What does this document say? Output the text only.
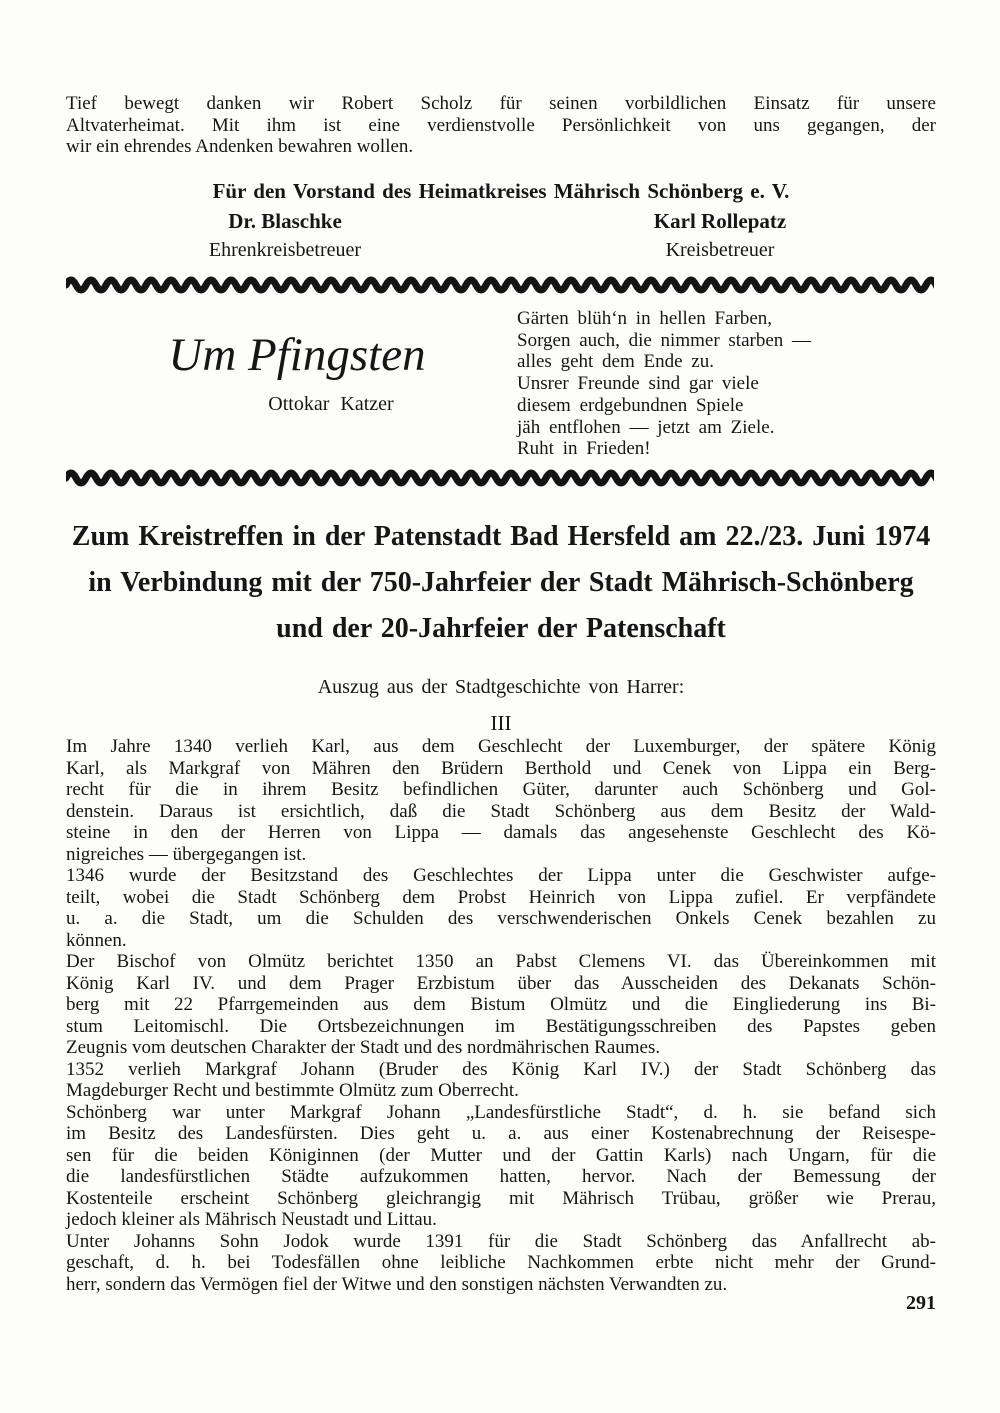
Tief bewegt danken wir Robert Scholz für seinen vorbildlichen Einsatz für unsere
Altvaterheimat. Mit ihm ist eine verdienstvolle Persönlichkeit von uns gegangen, der
wir ein ehrendes Andenken bewahren wollen.
Für den Vorstand des Heimatkreises Mährisch Schönberg e. V.
Dr. Blaschke
Ehrenkreisbetreuer
Karl Rollepatz
Kreisbetreuer
Um Pfingsten
Ottokar Katzer
Gärten blüh‘n in hellen Farben,
Sorgen auch, die nimmer starben —
alles geht dem Ende zu.
Unsrer Freunde sind gar viele
diesem erdgebundnen Spiele
jäh entflohen — jetzt am Ziele.
Ruht in Frieden!
Zum Kreistreffen in der Patenstadt Bad Hersfeld am 22./23. Juni 1974
in Verbindung mit der 750-Jahrfeier der Stadt Mährisch-Schönberg
und der 20-Jahrfeier der Patenschaft
Auszug aus der Stadtgeschichte von Harrer:
III
Im Jahre 1340 verlieh Karl, aus dem Geschlecht der Luxemburger, der spätere König
Karl, als Markgraf von Mähren den Brüdern Berthold und Cenek von Lippa ein Berg-
recht für die in ihrem Besitz befindlichen Güter, darunter auch Schönberg und Gol-
denstein. Daraus ist ersichtlich, daß die Stadt Schönberg aus dem Besitz der Wald-
steine in den der Herren von Lippa — damals das angesehenste Geschlecht des Kö-
nigreiches — übergegangen ist.
1346 wurde der Besitzstand des Geschlechtes der Lippa unter die Geschwister aufge-
teilt, wobei die Stadt Schönberg dem Probst Heinrich von Lippa zufiel. Er verpfändete
u. a. die Stadt, um die Schulden des verschwenderischen Onkels Cenek bezahlen zu
können.
Der Bischof von Olmütz berichtet 1350 an Pabst Clemens VI. das Übereinkommen mit
König Karl IV. und dem Prager Erzbistum über das Ausscheiden des Dekanats Schön-
berg mit 22 Pfarrgemeinden aus dem Bistum Olmütz und die Eingliederung ins Bi-
stum Leitomischl. Die Ortsbezeichnungen im Bestätigungsschreiben des Papstes geben
Zeugnis vom deutschen Charakter der Stadt und des nordmährischen Raumes.
1352 verlieh Markgraf Johann (Bruder des König Karl IV.) der Stadt Schönberg das
Magdeburger Recht und bestimmte Olmütz zum Oberrecht.
Schönberg war unter Markgraf Johann „Landesfürstliche Stadt“, d. h. sie befand sich
im Besitz des Landesfürsten. Dies geht u. a. aus einer Kostenabrechnung der Reisespe-
sen für die beiden Königinnen (der Mutter und der Gattin Karls) nach Ungarn, für die
die landesfürstlichen Städte aufzukommen hatten, hervor. Nach der Bemessung der
Kostenteile erscheint Schönberg gleichrangig mit Mährisch Trübau, größer wie Prerau,
jedoch kleiner als Mährisch Neustadt und Littau.
Unter Johanns Sohn Jodok wurde 1391 für die Stadt Schönberg das Anfallrecht ab-
geschaft, d. h. bei Todesfällen ohne leibliche Nachkommen erbte nicht mehr der Grund-
herr, sondern das Vermögen fiel der Witwe und den sonstigen nächsten Verwandten zu.
291
